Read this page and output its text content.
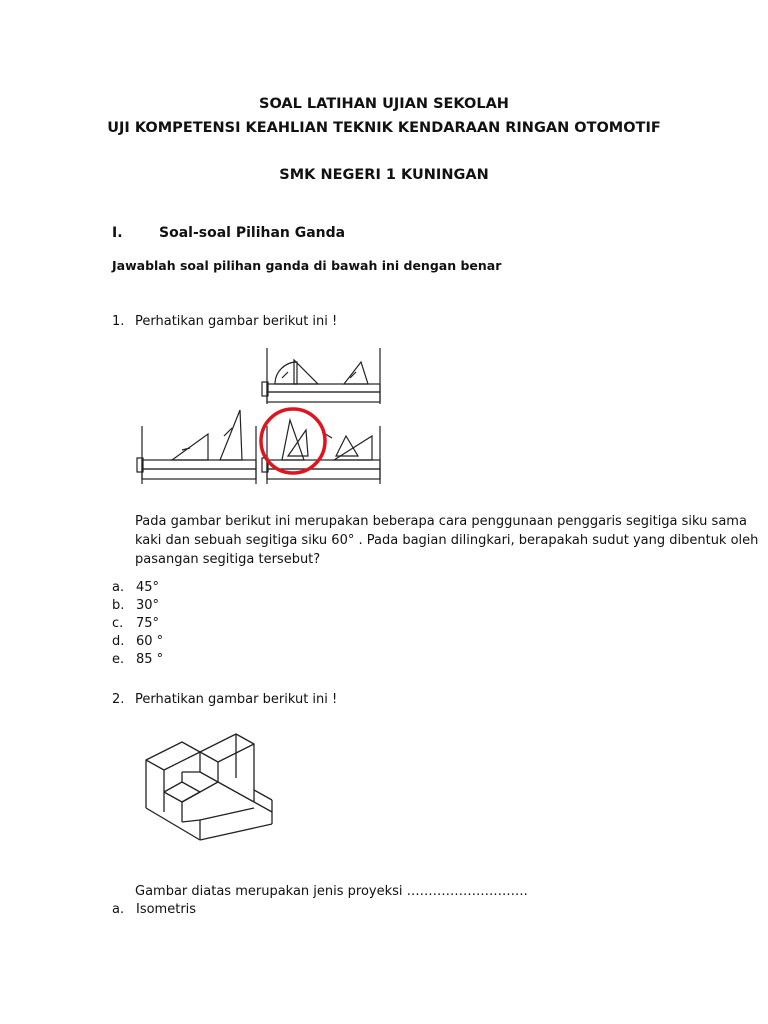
SOAL LATIHAN UJIAN SEKOLAH
UJI KOMPETENSI KEAHLIAN TEKNIK KENDARAAN RINGAN OTOMOTIF
SMK NEGERI 1 KUNINGAN
I.	Soal-soal Pilihan Ganda
Jawablah soal pilihan ganda di bawah ini dengan benar
1. Perhatikan gambar berikut ini !
Pada gambar berikut ini merupakan beberapa cara penggunaan penggaris segitiga siku sama
kaki dan sebuah segitiga siku 60° . Pada bagian dilingkari, berapakah sudut yang dibentuk oleh
pasangan segitiga tersebut?
a. 45°
b. 30°
c. 75°
d. 60 °
e. 85 °
2. Perhatikan gambar berikut ini !
Gambar diatas merupakan jenis proyeksi ……………………….
a. Isometris
